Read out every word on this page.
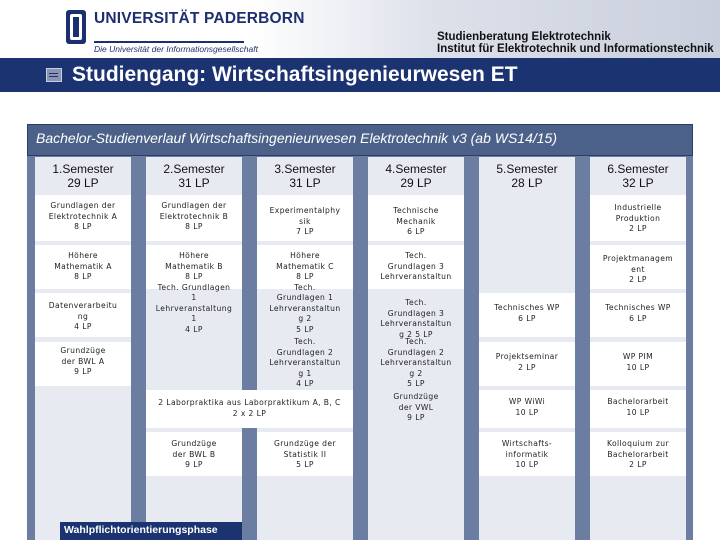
UNIVERSITÄT PADERBORN
Die Universität der Informationsgesellschaft
Studienberatung Elektrotechnik
Institut für Elektrotechnik und Informationstechnik
Studiengang: Wirtschaftsingenieurwesen ET
Bachelor-Studienverlauf Wirtschaftsingenieurwesen Elektrotechnik v3 (ab WS14/15)
1.Semester
29 LP
2.Semester
31 LP
3.Semester
31 LP
4.Semester
29 LP
5.Semester
28 LP
6.Semester
32 LP
Grundlagen der
Elektrotechnik A
8 LP
Höhere
Mathematik A
8 LP
Datenverarbeitu
ng
4 LP
Grundzüge
der BWL A
9 LP
Grundlagen der
Elektrotechnik B
8 LP
Höhere
Mathematik B
8 LP
Tech. Grundlagen
1
Lehrveranstaltung
1
4 LP
Grundzüge
der BWL B
9 LP
Experimentalphy
sik
7 LP
Höhere
Mathematik C
8 LP
Tech.
Grundlagen 1
Lehrveranstaltun
g 2
5 LP
Tech.
Grundlagen 2
Lehrveranstaltun
g 1
4 LP
Grundzüge der
Statistik II
5 LP
Technische
Mechanik
6 LP
Tech.
Grundlagen 3
Lehrveranstaltun
Tech.
Grundlagen 3
Lehrveranstaltun
g 2 5 LP
Tech.
Grundlagen 2
Lehrveranstaltun
g 2
5 LP
Grundzüge
der VWL
9 LP
Technisches WP
6 LP
Projektseminar
2 LP
WP WiWi
10 LP
Wirtschafts-
informatik
10 LP
Industrielle
Produktion
2 LP
Projektmanagem
ent
2 LP
Technisches WP
6 LP
WP PIM
10 LP
Bachelorarbeit
10 LP
Kolloquium zur
Bachelorarbeit
2 LP
2 Laborpraktika aus Laborpraktikum A, B, C
2 x 2 LP
Wahlpflichtorientierungsphase
